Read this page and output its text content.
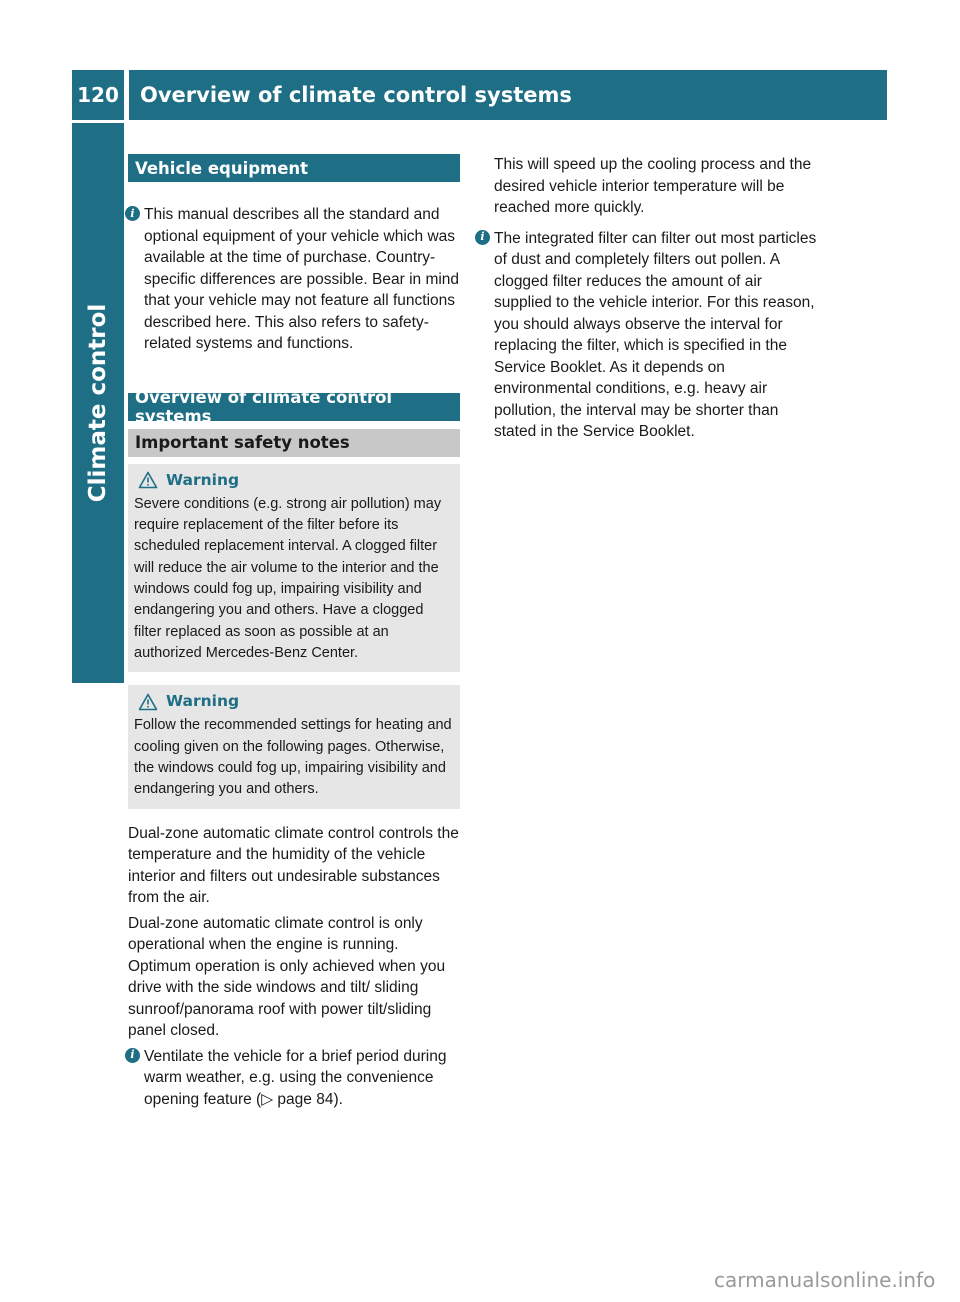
120	Overview of climate control systems
Climate control
Vehicle equipment
i This manual describes all the standard and optional equipment of your vehicle which was available at the time of purchase. Country-specific differences are possible. Bear in mind that your vehicle may not feature all functions described here. This also refers to safety-related systems and functions.
Overview of climate control systems
Important safety notes
Warning
Severe conditions (e.g. strong air pollution) may require replacement of the filter before its scheduled replacement interval. A clogged filter will reduce the air volume to the interior and the windows could fog up, impairing visibility and endangering you and others. Have a clogged filter replaced as soon as possible at an authorized Mercedes-Benz Center.
Warning
Follow the recommended settings for heating and cooling given on the following pages. Otherwise, the windows could fog up, impairing visibility and endangering you and others.

Dual-zone automatic climate control controls the temperature and the humidity of the vehicle interior and filters out undesirable substances from the air.

Dual-zone automatic climate control is only operational when the engine is running. Optimum operation is only achieved when you drive with the side windows and tilt/ sliding sunroof/panorama roof with power tilt/sliding panel closed.

i Ventilate the vehicle for a brief period during warm weather, e.g. using the convenience opening feature (▷ page 84).

This will speed up the cooling process and the desired vehicle interior temperature will be reached more quickly.

i The integrated filter can filter out most particles of dust and completely filters out pollen. A clogged filter reduces the amount of air supplied to the vehicle interior. For this reason, you should always observe the interval for replacing the filter, which is specified in the Service Booklet. As it depends on environmental conditions, e.g. heavy air pollution, the interval may be shorter than stated in the Service Booklet.
carmanualsonline.info
